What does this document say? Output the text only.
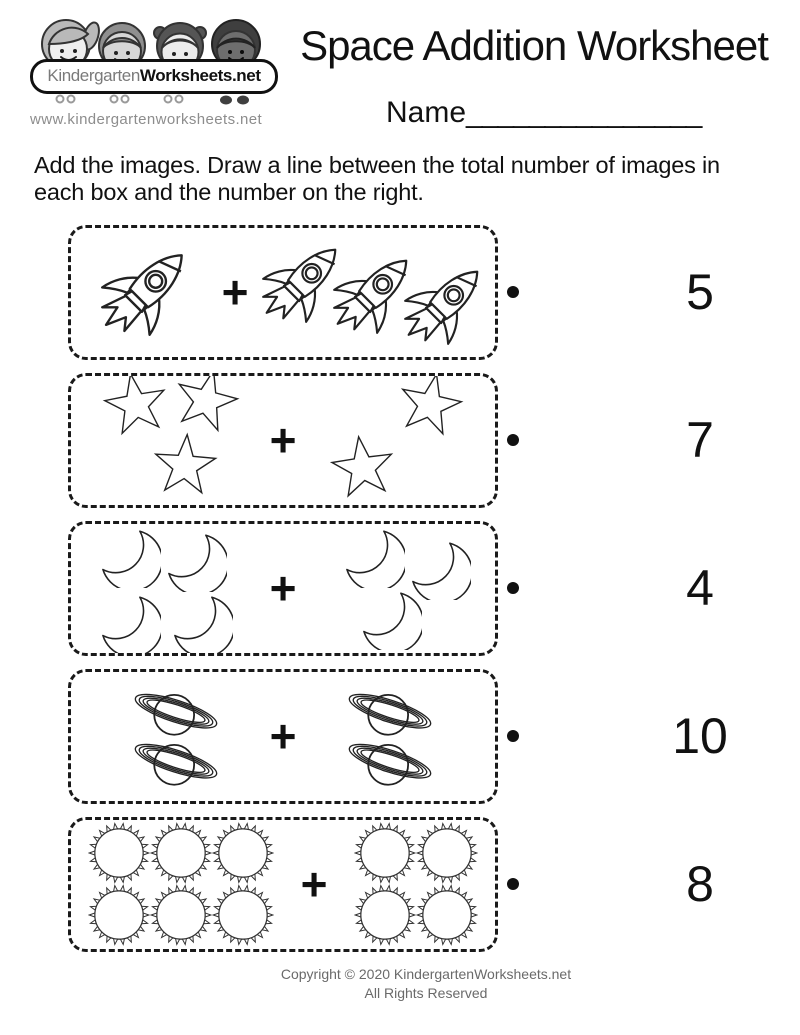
KindergartenWorksheets.net
www.kindergartenworksheets.net
Space Addition Worksheet
Name_______________

Add the images. Draw a line between the total number of images in each box and the number on the right.

+	5
+	7
+	4
+	10
+	8
Copyright © 2020 KindergartenWorksheets.net
All Rights Reserved
